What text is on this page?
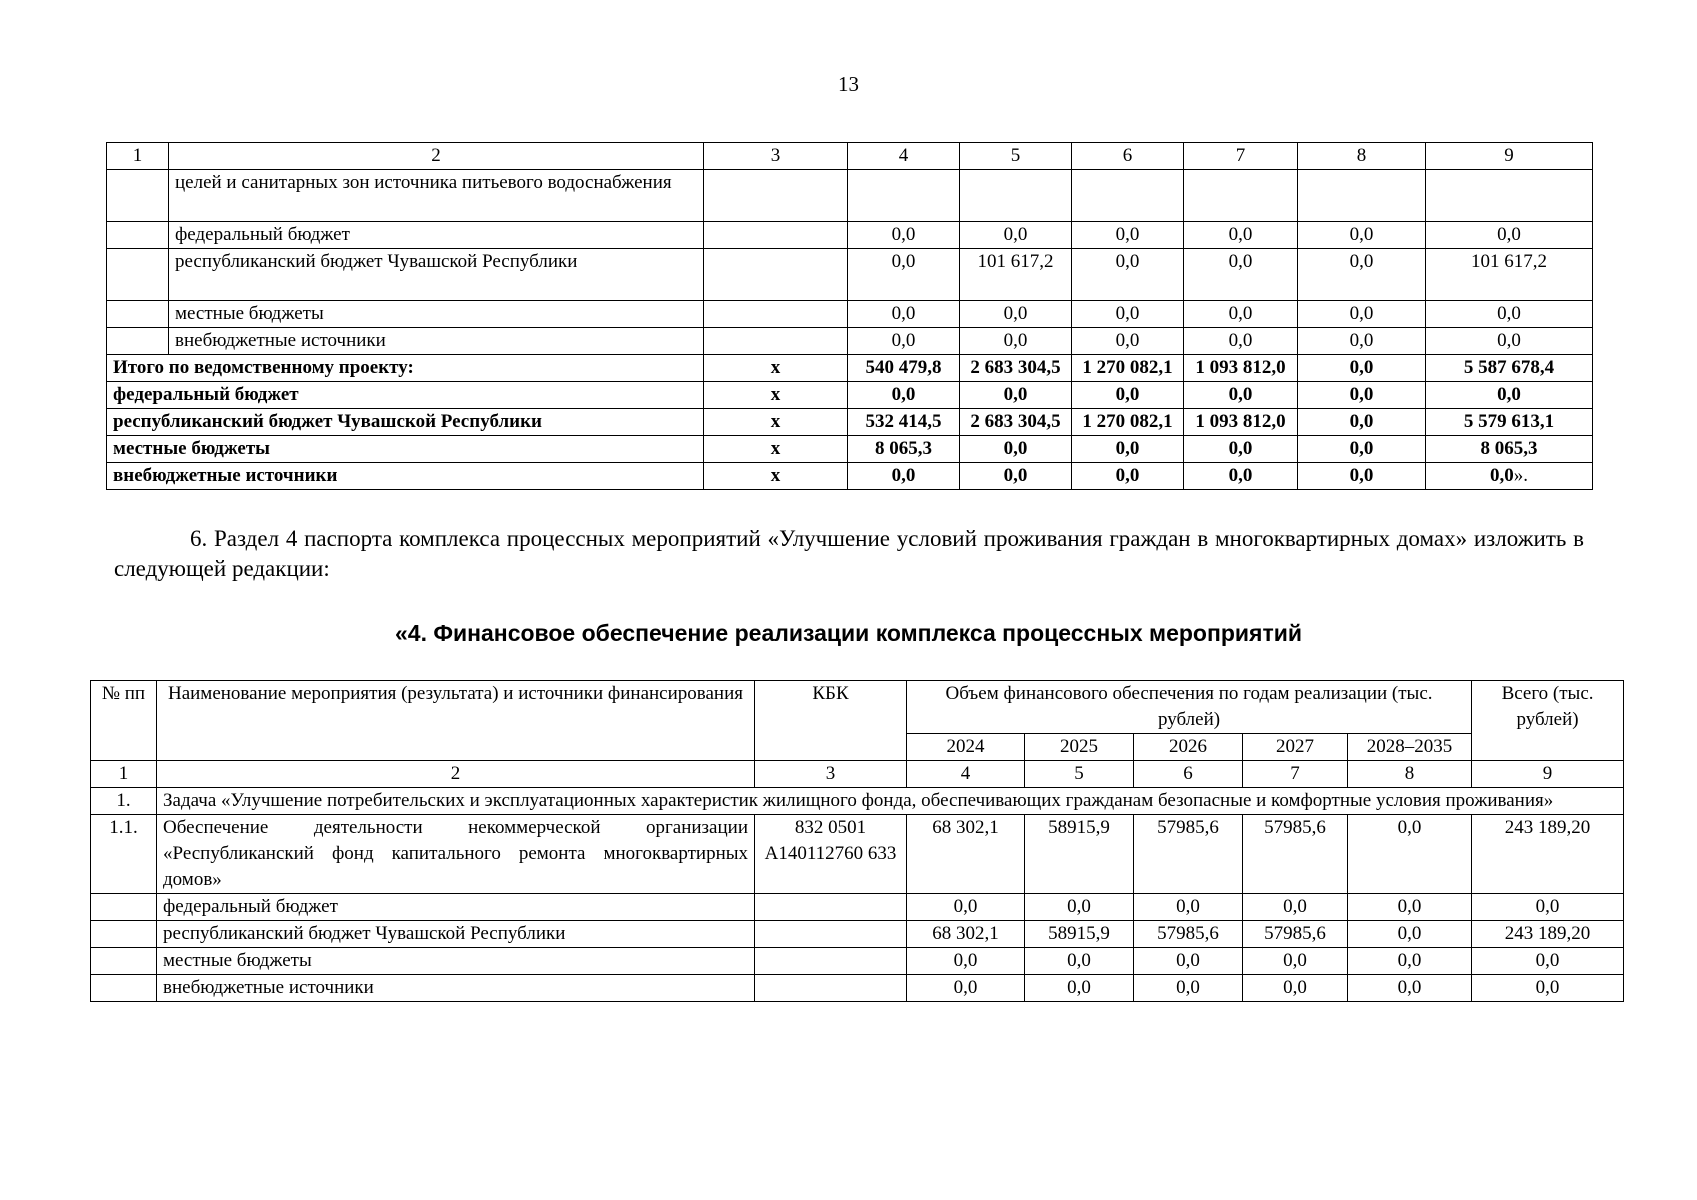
13
1	2	3	4	5	6	7	8	9
	целей и санитарных зон источника питьевого водоснабжения							
	федеральный бюджет		0,0	0,0	0,0	0,0	0,0	0,0
	республиканский бюджет Чувашской Республики		0,0	101 617,2	0,0	0,0	0,0	101 617,2
	местные бюджеты		0,0	0,0	0,0	0,0	0,0	0,0
	внебюджетные источники		0,0	0,0	0,0	0,0	0,0	0,0
Итого по ведомственному проекту:		х	540 479,8	2 683 304,5	1 270 082,1	1 093 812,0	0,0	5 587 678,4
федеральный бюджет		х	0,0	0,0	0,0	0,0	0,0	0,0
республиканский бюджет Чувашской Республики		х	532 414,5	2 683 304,5	1 270 082,1	1 093 812,0	0,0	5 579 613,1
местные бюджеты		х	8 065,3	0,0	0,0	0,0	0,0	8 065,3
внебюджетные источники		х	0,0	0,0	0,0	0,0	0,0	0,0».
6. Раздел 4 паспорта комплекса процессных мероприятий «Улучшение условий проживания граждан в многоквартирных домах» изложить в следующей редакции:
«4. Финансовое обеспечение реализации комплекса процессных мероприятий
№ пп	Наименование мероприятия (результата) и источники финансирования	КБК	Объем финансового обеспечения по годам реализации (тыс. рублей)					Всего (тыс. рублей)
			2024	2025	2026	2027	2028–2035	
1	2	3	4	5	6	7	8	9
1.	Задача «Улучшение потребительских и эксплуатационных характеристик жилищного фонда, обеспечивающих гражданам безопасные и комфортные условия проживания»							
1.1.	Обеспечение деятельности некоммерческой организации «Республиканский фонд капитального ремонта многоквартирных домов»	832 0501 А140112760 633	68 302,1	58915,9	57985,6	57985,6	0,0	243 189,20
	федеральный бюджет		0,0	0,0	0,0	0,0	0,0	0,0
	республиканский бюджет Чувашской Республики		68 302,1	58915,9	57985,6	57985,6	0,0	243 189,20
	местные бюджеты		0,0	0,0	0,0	0,0	0,0	0,0
	внебюджетные источники		0,0	0,0	0,0	0,0	0,0	0,0
